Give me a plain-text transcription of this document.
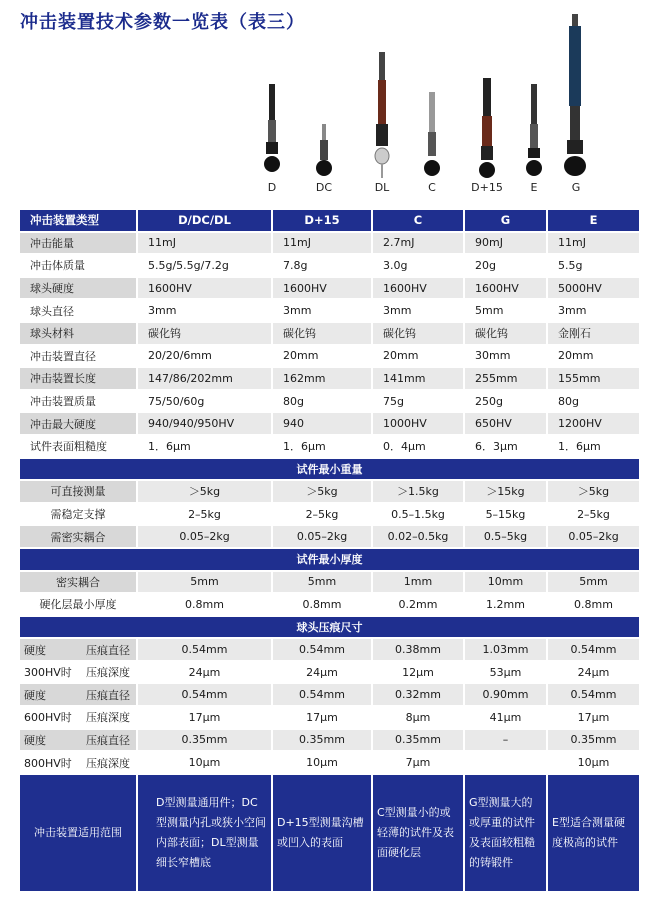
冲击装置技术参数一览表（表三）
D	DC	DL	C	D+15	E	G
冲击装置类型	D/DC/DL	D+15	C	G	E
冲击能量	11mJ	11mJ	2.7mJ	90mJ	11mJ
冲击体质量	5.5g/5.5g/7.2g	7.8g	3.0g	20g	5.5g
球头硬度	1600HV	1600HV	1600HV	1600HV	5000HV
球头直径	3mm	3mm	3mm	5mm	3mm
球头材料	碳化钨	碳化钨	碳化钨	碳化钨	金刚石
冲击装置直径	20/20/6mm	20mm	20mm	30mm	20mm
冲击装置长度	147/86/202mm	162mm	141mm	255mm	155mm
冲击装置质量	75/50/60g	80g	75g	250g	80g
冲击最大硬度	940/940/950HV	940	1000HV	650HV	1200HV
试件表面粗糙度	1．6μm	1．6μm	0．4μm	6．3μm	1．6μm
试件最小重量					
可直接测量	＞5kg	＞5kg	＞1.5kg	＞15kg	＞5kg
需稳定支撑	2–5kg	2–5kg	0.5–1.5kg	5–15kg	2–5kg
需密实耦合	0.05–2kg	0.05–2kg	0.02–0.5kg	0.5–5kg	0.05–2kg
试件最小厚度					
密实耦合	5mm	5mm	1mm	10mm	5mm
硬化层最小厚度	0.8mm	0.8mm	0.2mm	1.2mm	0.8mm
球头压痕尺寸					
硬度 压痕直径	0.54mm	0.54mm	0.38mm	1.03mm	0.54mm
300HV时 压痕深度	24μm	24μm	12μm	53μm	24μm
硬度 压痕直径	0.54mm	0.54mm	0.32mm	0.90mm	0.54mm
600HV时 压痕深度	17μm	17μm	8μm	41μm	17μm
硬度 压痕直径	0.35mm	0.35mm	0.35mm	–	0.35mm
800HV时 压痕深度	10μm	10μm	7μm		10μm
冲击装置适用范围	D型测量通用件；DC型测量内孔或狭小空间内部表面；DL型测量细长窄槽底	D+15型测量沟槽或凹入的表面	C型测量小的或轻薄的试件及表面硬化层	G型测量大的或厚重的试件及表面较粗糙的铸锻件	E型适合测量硬度极高的试件
